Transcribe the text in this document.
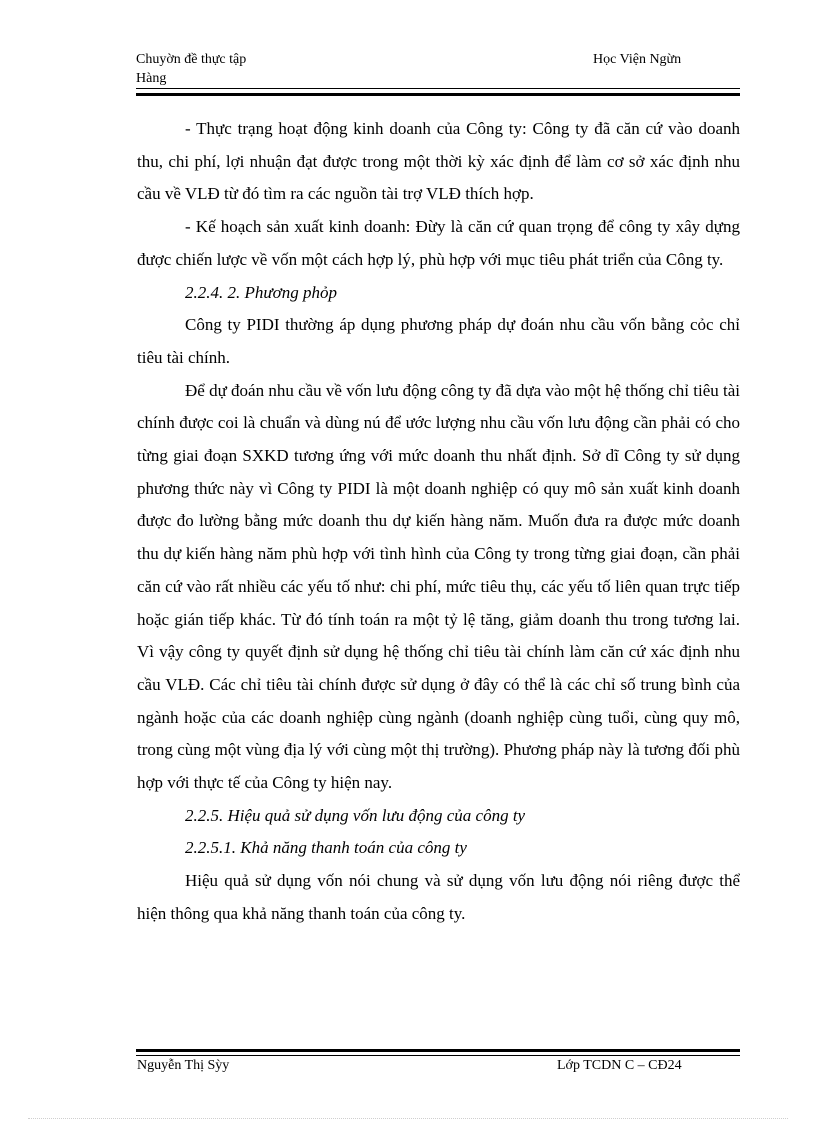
Chuyờn đề thực tập
Hàng
Học Viện Ngừn

- Thực trạng hoạt động kinh doanh của Công ty: Công ty đã căn cứ vào doanh thu, chi phí, lợi nhuận đạt được trong một thời kỳ xác định để làm cơ sở xác định nhu cầu về VLĐ từ đó tìm ra các nguồn tài trợ VLĐ thích hợp.

- Kế hoạch sản xuất kinh doanh: Đừy là căn cứ quan trọng để công ty xây dựng được chiến lược về vốn một cách hợp lý, phù hợp với mục tiêu phát triển của Công ty.

2.2.4. 2. Phương phỏp

Công ty PIDI thường áp dụng phương pháp dự đoán nhu cầu vốn bằng cỏc chỉ tiêu tài chính.

Để dự đoán nhu cầu về vốn lưu động công ty đã dựa vào một hệ thống chỉ tiêu tài chính được coi là chuẩn và dùng nú để ước lượng nhu cầu vốn lưu động cần phải có cho từng giai đoạn SXKD tương ứng với mức doanh thu nhất định. Sở dĩ Công ty sử dụng phương thức này vì Công ty PIDI là một doanh nghiệp có quy mô sản xuất kinh doanh được đo lường bằng mức doanh thu dự kiến hàng năm. Muốn đưa ra được mức doanh thu dự kiến hàng năm phù hợp với tình hình của Công ty trong từng giai đoạn, cần phải căn cứ vào rất nhiều các yếu tố như: chi phí, mức tiêu thụ, các yếu tố liên quan trực tiếp hoặc gián tiếp khác. Từ đó tính toán ra một tỷ lệ tăng, giảm doanh thu trong tương lai. Vì vậy công ty quyết định sử dụng hệ thống chỉ tiêu tài chính làm căn cứ xác định nhu cầu VLĐ. Các chỉ tiêu tài chính được sử dụng ở đây có thể là các chỉ số trung bình của ngành hoặc của các doanh nghiệp cùng ngành (doanh nghiệp cùng tuổi, cùng quy mô, trong cùng một vùng địa lý với cùng một thị trường). Phương pháp này là tương đối phù hợp với thực tế của Công ty hiện nay.

2.2.5. Hiệu quả sử dụng vốn lưu động của công ty

2.2.5.1. Khả năng thanh toán của công ty

Hiệu quả sử dụng vốn nói chung và sử dụng vốn lưu động nói riêng được thể hiện thông qua khả năng thanh toán của công ty.

Nguyễn Thị Sỳy	Lớp TCDN C – CĐ24
